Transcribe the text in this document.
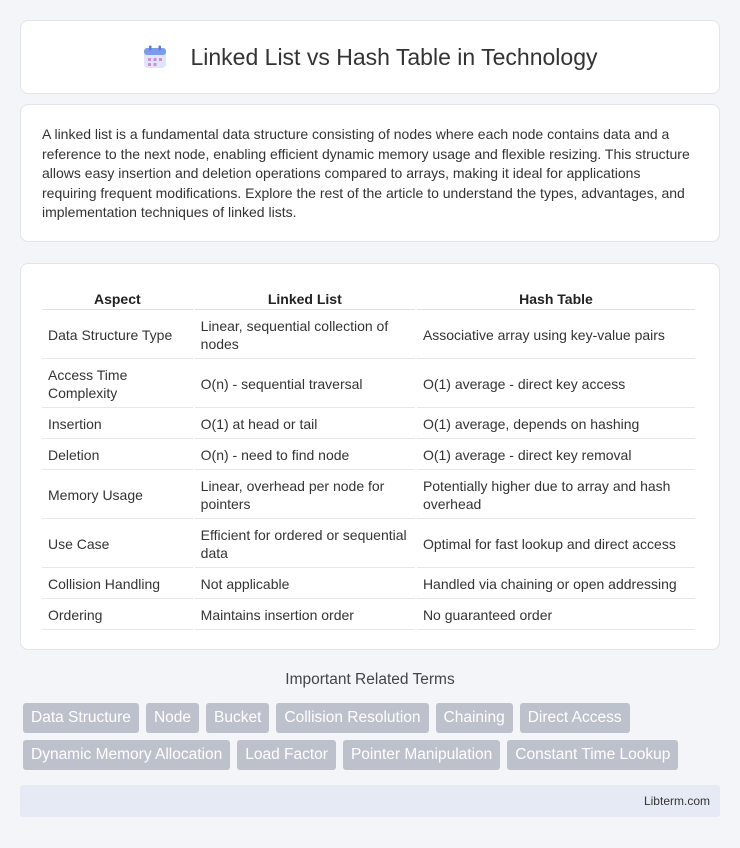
Linked List vs Hash Table in Technology

A linked list is a fundamental data structure consisting of nodes where each node contains data and a reference to the next node, enabling efficient dynamic memory usage and flexible resizing. This structure allows easy insertion and deletion operations compared to arrays, making it ideal for applications requiring frequent modifications. Explore the rest of the article to understand the types, advantages, and implementation techniques of linked lists.

Aspect	Linked List	Hash Table
Data Structure Type	Linear, sequential collection of nodes	Associative array using key-value pairs
Access Time Complexity	O(n) - sequential traversal	O(1) average - direct key access
Insertion	O(1) at head or tail	O(1) average, depends on hashing
Deletion	O(n) - need to find node	O(1) average - direct key removal
Memory Usage	Linear, overhead per node for pointers	Potentially higher due to array and hash overhead
Use Case	Efficient for ordered or sequential data	Optimal for fast lookup and direct access
Collision Handling	Not applicable	Handled via chaining or open addressing
Ordering	Maintains insertion order	No guaranteed order
Important Related Terms
Data Structure	Node	Bucket	Collision Resolution	Chaining	Direct Access
Dynamic Memory Allocation	Load Factor	Pointer Manipulation	Constant Time Lookup
Libterm.com
